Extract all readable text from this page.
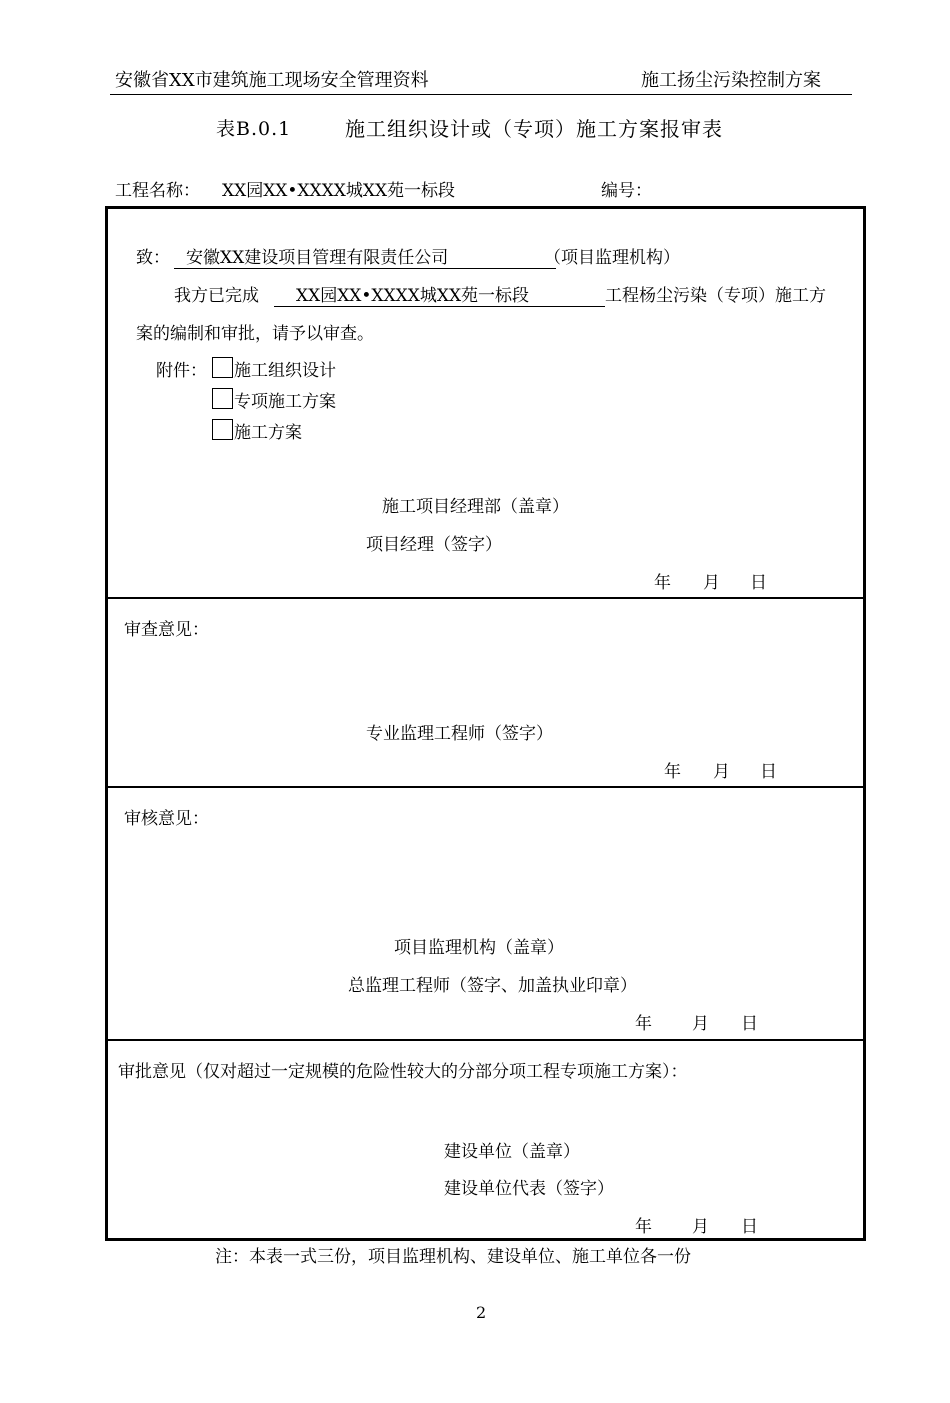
安徽省XX市建筑施工现场安全管理资料	施工扬尘污染控制方案
表B.0.1	施工组织设计或（专项）施工方案报审表
工程名称： XX园XX•XXXX城XX苑一标段	编号：
致： 安徽XX建设项目管理有限责任公司	（项目监理机构）
我方已完成	XX园XX•XXXX城XX苑一标段	工程杨尘污染（专项）施工方
案的编制和审批，请予以审查。
附件： 施工组织设计
专项施工方案
施工方案
施工项目经理部（盖章）
项目经理（签字）
年 月 日
审查意见：
专业监理工程师（签字）
年 月 日
审核意见：
项目监理机构（盖章）
总监理工程师（签字、加盖执业印章）
年 月 日
审批意见（仅对超过一定规模的危险性较大的分部分项工程专项施工方案）：
建设单位（盖章）
建设单位代表（签字）
年 月 日
注：本表一式三份，项目监理机构、建设单位、施工单位各一份
2
